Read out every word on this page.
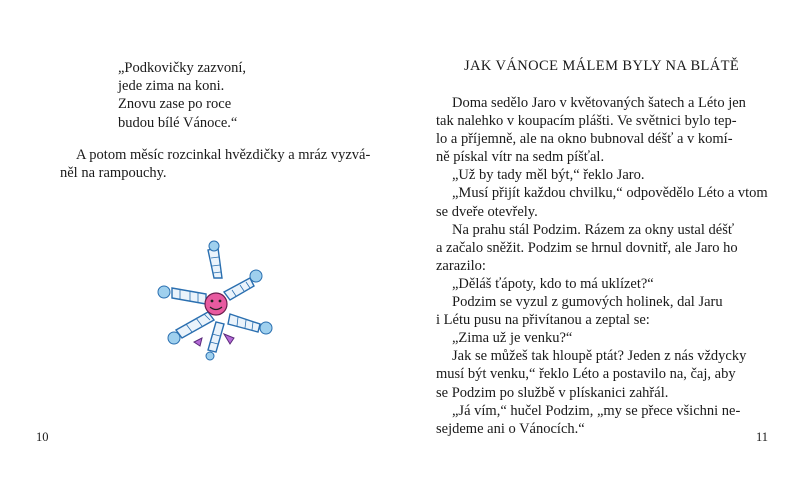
„Podkovičky zazvoní,
jede zima na koni.
Znovu zase po roce
budou bílé Vánoce.“
A potom měsíc rozcinkal hvězdičky a mráz vyzvá-
něl na rampouchy.
10
JAK VÁNOCE MÁLEM BYLY NA BLÁTĚ
Doma sedělo Jaro v květovaných šatech a Léto jen
tak nalehko v koupacím plášti. Ve světnici bylo tep-
lo a příjemně, ale na okno bubnoval déšť a v komí-
ně pískal vítr na sedm píšťal.
„Už by tady měl být,“ řeklo Jaro.
„Musí přijít každou chvilku,“ odpovědělo Léto a vtom
se dveře otevřely.
Na prahu stál Podzim. Rázem za okny ustal déšť
a začalo sněžit. Podzim se hrnul dovnitř, ale Jaro ho
zarazilo:
„Děláš ťápoty, kdo to má uklízet?“
Podzim se vyzul z gumových holinek, dal Jaru
i Létu pusu na přivítanou a zeptal se:
„Zima už je venku?“
Jak se můžeš tak hloupě ptát? Jeden z nás vždycky
musí být venku,“ řeklo Léto a postavilo na, čaj, aby
se Podzim po službě v plískanici zahřál.
„Já vím,“ hučel Podzim, „my se přece všichni ne-
sejdeme ani o Vánocích.“
11
